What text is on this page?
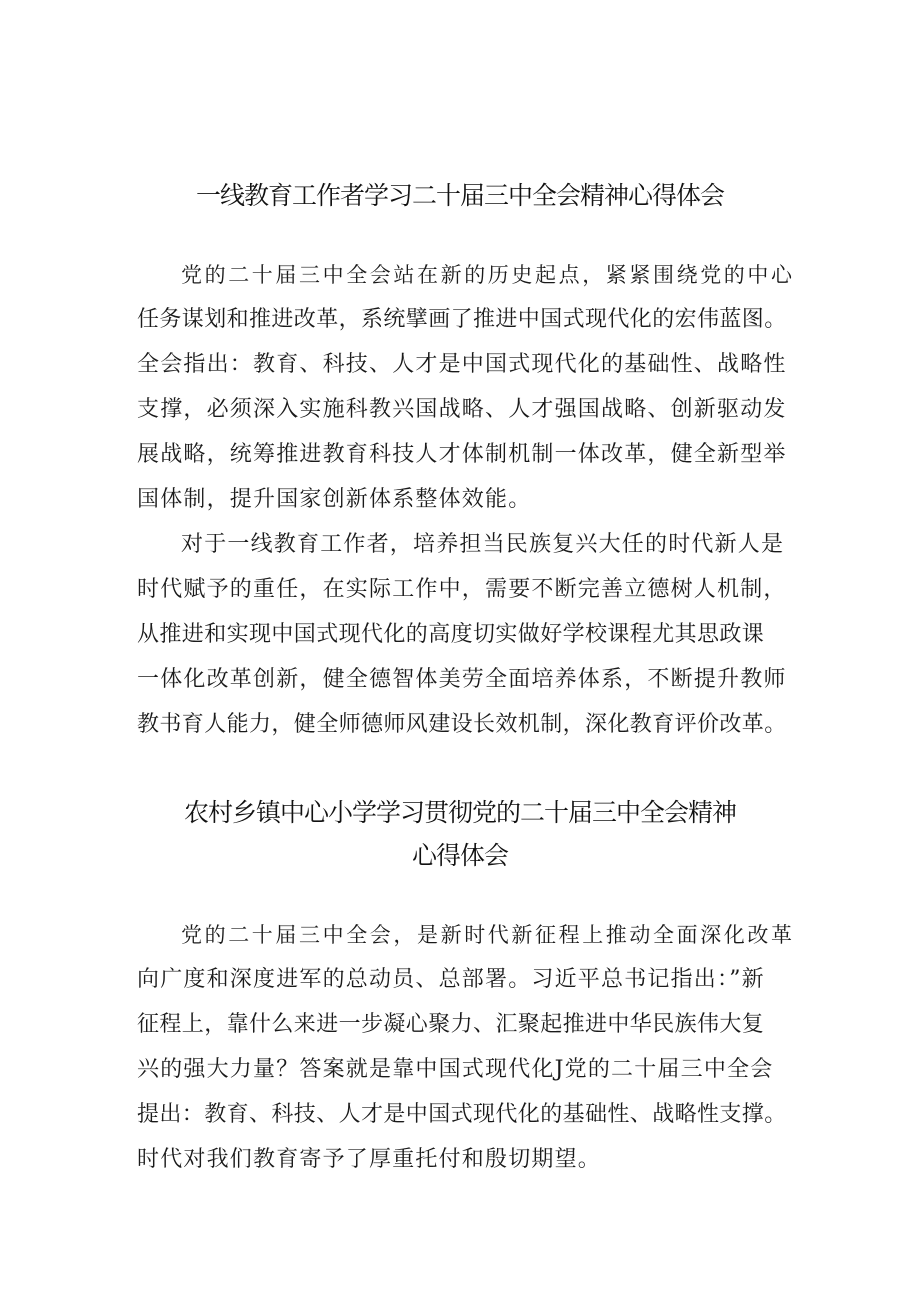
一线教育工作者学习二十届三中全会精神心得体会

党的二十届三中全会站在新的历史起点，紧紧围绕党的中心

任务谋划和推进改革，系统擘画了推进中国式现代化的宏伟蓝图。

全会指出：教育、科技、人才是中国式现代化的基础性、战略性

支撑，必须深入实施科教兴国战略、人才强国战略、创新驱动发

展战略，统筹推进教育科技人才体制机制一体改革，健全新型举

国体制，提升国家创新体系整体效能。

对于一线教育工作者，培养担当民族复兴大任的时代新人是

时代赋予的重任，在实际工作中，需要不断完善立德树人机制，

从推进和实现中国式现代化的高度切实做好学校课程尤其思政课

一体化改革创新，健全德智体美劳全面培养体系，不断提升教师

教书育人能力，健全师德师风建设长效机制，深化教育评价改革。

农村乡镇中心小学学习贯彻党的二十届三中全会精神
心得体会

党的二十届三中全会，是新时代新征程上推动全面深化改革

向广度和深度进军的总动员、总部署。习近平总书记指出：”新

征程上，靠什么来进一步凝心聚力、汇聚起推进中华民族伟大复

兴的强大力量？答案就是靠中国式现代化J党的二十届三中全会

提出：教育、科技、人才是中国式现代化的基础性、战略性支撑。

时代对我们教育寄予了厚重托付和殷切期望。
